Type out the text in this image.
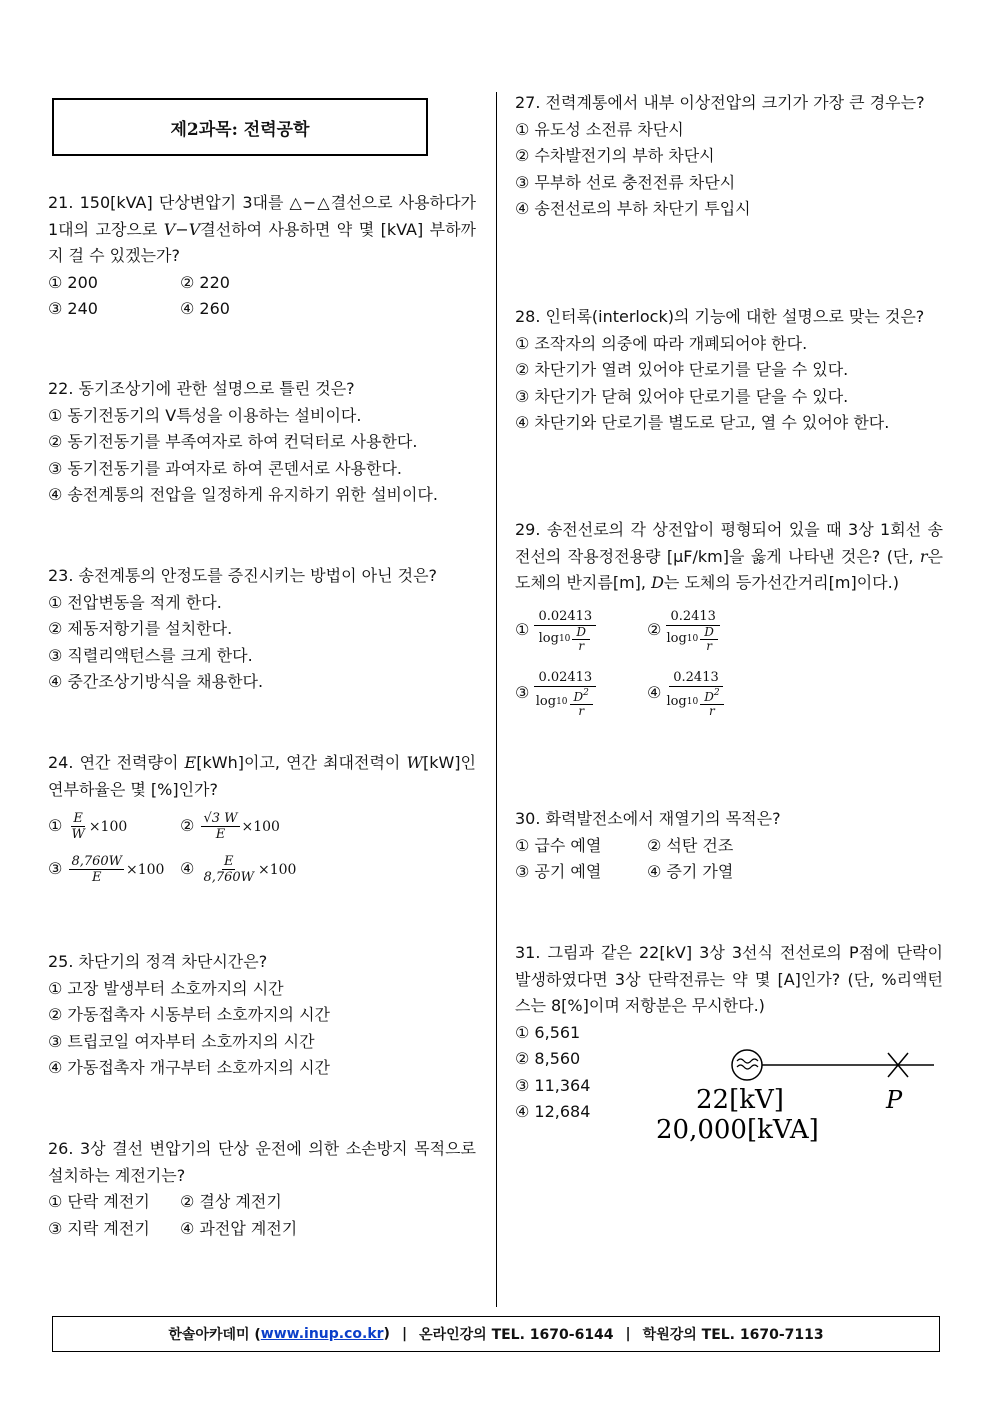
제2과목: 전력공학
21. 150[kVA] 단상변압기 3대를 △−△결선으로 사용하다가 1대의 고장으로 V−V결선하여 사용하면 약 몇 [kVA] 부하까지 걸 수 있겠는가?
① 200	② 220
③ 240	④ 260
22. 동기조상기에 관한 설명으로 틀린 것은?
① 동기전동기의 V특성을 이용하는 설비이다.
② 동기전동기를 부족여자로 하여 컨덕터로 사용한다.
③ 동기전동기를 과여자로 하여 콘덴서로 사용한다.
④ 송전계통의 전압을 일정하게 유지하기 위한 설비이다.
23. 송전계통의 안정도를 증진시키는 방법이 아닌 것은?
① 전압변동을 적게 한다.
② 제동저항기를 설치한다.
③ 직렬리액턴스를 크게 한다.
④ 중간조상기방식을 채용한다.
24. 연간 전력량이 E[kWh]이고, 연간 최대전력이 W[kW]인 연부하율은 몇 [%]인가?
① $\frac{E}{W} \times 100$	② $\frac{√3 W}{E} \times 100$
③ $\frac{8,760W}{E} \times 100$ ④ $\frac{E}{8,760W} \times 100$
25. 차단기의 정격 차단시간은?
① 고장 발생부터 소호까지의 시간
② 가동접촉자 시동부터 소호까지의 시간
③ 트립코일 여자부터 소호까지의 시간
④ 가동접촉자 개구부터 소호까지의 시간
26. 3상 결선 변압기의 단상 운전에 의한 소손방지 목적으로 설치하는 계전기는?
① 단락 계전기	② 결상 계전기
③ 지락 계전기	④ 과전압 계전기
27. 전력계통에서 내부 이상전압의 크기가 가장 큰 경우는?
① 유도성 소전류 차단시
② 수차발전기의 부하 차단시
③ 무부하 선로 충전전류 차단시
④ 송전선로의 부하 차단기 투입시
28. 인터록(interlock)의 기능에 대한 설명으로 맞는 것은?
① 조작자의 의중에 따라 개폐되어야 한다.
② 차단기가 열려 있어야 단로기를 닫을 수 있다.
③ 차단기가 닫혀 있어야 단로기를 닫을 수 있다.
④ 차단기와 단로기를 별도로 닫고, 열 수 있어야 한다.
29. 송전선로의 각 상전압이 평형되어 있을 때 3상 1회선 송전선의 작용정전용량 [μF/km]을 옳게 나타낸 것은? (단, r은 도체의 반지름[m], D는 도체의 등가선간거리[m]이다.)
①
$\frac{0.02413}{\log 10 \frac{D}{r}}$	②
$\frac{0.2413}{\log 10 \frac{D}{r}}$
③
$\frac{0.02413}{\log 10 \frac{D^2}{r}}$	④
$\frac{0.2413}{\log 10 \frac{D^2}{r}}$
30. 화력발전소에서 재열기의 목적은?
① 급수 예열	② 석탄 건조
③ 공기 예열	④ 증기 가열
31. 그림과 같은 22[kV] 3상 3선식 전선로의 P점에 단락이 발생하였다면 3상 단락전류는 약 몇 [A]인가? (단, %리액턴스는 8[%]이며 저항분은 무시한다.)
① 6,561
② 8,560
③ 11,364
④ 12,684	22[kV]	P
20,000[kVA]
한솔아카데미 ( www.inup.co.kr ) | 온라인강의 TEL. 1670-6144 | 학원강의 TEL. 1670-7113
